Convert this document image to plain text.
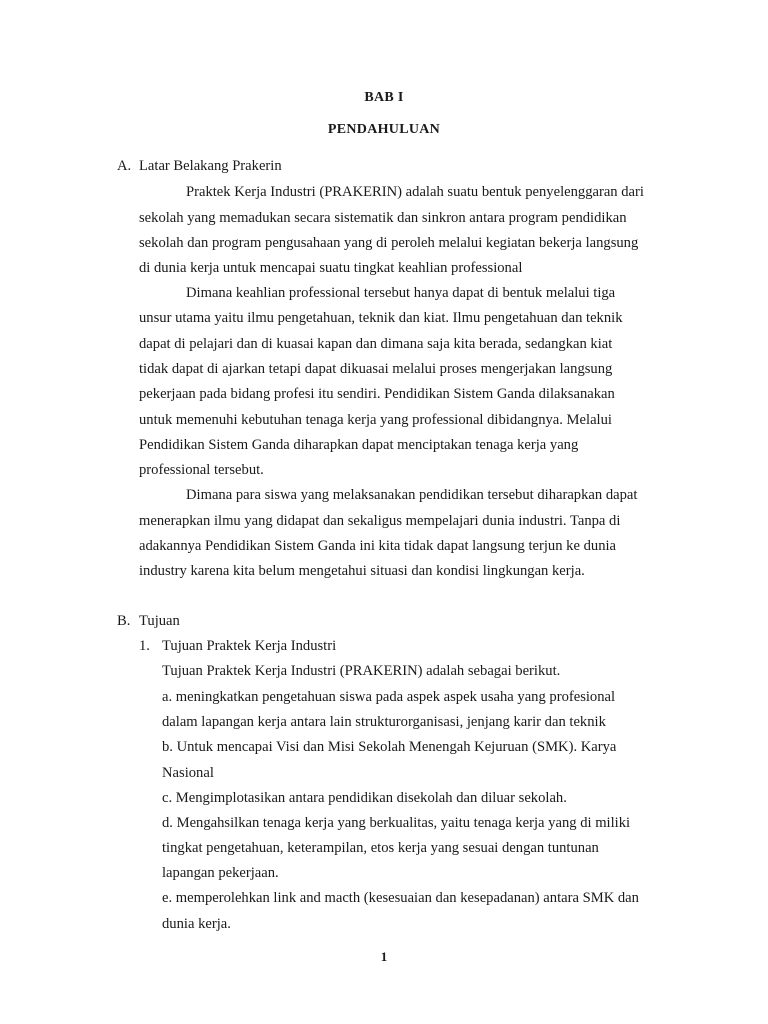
BAB I
PENDAHULUAN
A. Latar Belakang Prakerin
Praktek Kerja Industri (PRAKERIN) adalah suatu bentuk penyelenggaran dari
sekolah yang memadukan secara sistematik dan sinkron antara program pendidikan
sekolah dan program pengusahaan yang di peroleh melalui kegiatan bekerja langsung
di dunia kerja untuk mencapai suatu tingkat keahlian professional
Dimana keahlian professional tersebut hanya dapat di bentuk melalui tiga
unsur utama yaitu ilmu pengetahuan, teknik dan kiat. Ilmu pengetahuan dan teknik
dapat di pelajari dan di kuasai kapan dan dimana saja kita berada, sedangkan kiat
tidak dapat di ajarkan tetapi dapat dikuasai melalui proses mengerjakan langsung
pekerjaan pada bidang profesi itu sendiri. Pendidikan Sistem Ganda dilaksanakan
untuk memenuhi kebutuhan tenaga kerja yang professional dibidangnya. Melalui
Pendidikan Sistem Ganda diharapkan dapat menciptakan tenaga kerja yang
professional tersebut.
Dimana para siswa yang melaksanakan pendidikan tersebut diharapkan dapat
menerapkan ilmu yang didapat dan sekaligus mempelajari dunia industri. Tanpa di
adakannya Pendidikan Sistem Ganda ini kita tidak dapat langsung terjun ke dunia
industry karena kita belum mengetahui situasi dan kondisi lingkungan kerja.
B. Tujuan
1. Tujuan Praktek Kerja Industri
Tujuan Praktek Kerja Industri (PRAKERIN) adalah sebagai berikut.
a. meningkatkan pengetahuan siswa pada aspek aspek usaha yang profesional
dalam lapangan kerja antara lain strukturorganisasi, jenjang karir dan teknik
b. Untuk mencapai Visi dan Misi Sekolah Menengah Kejuruan (SMK). Karya
Nasional
c. Mengimplotasikan antara pendidikan disekolah dan diluar sekolah.
d. Mengahsilkan tenaga kerja yang berkualitas, yaitu tenaga kerja yang di miliki
tingkat pengetahuan, keterampilan, etos kerja yang sesuai dengan tuntunan
lapangan pekerjaan.
e. memperolehkan link and macth (kesesuaian dan kesepadanan) antara SMK dan
dunia kerja.
1
